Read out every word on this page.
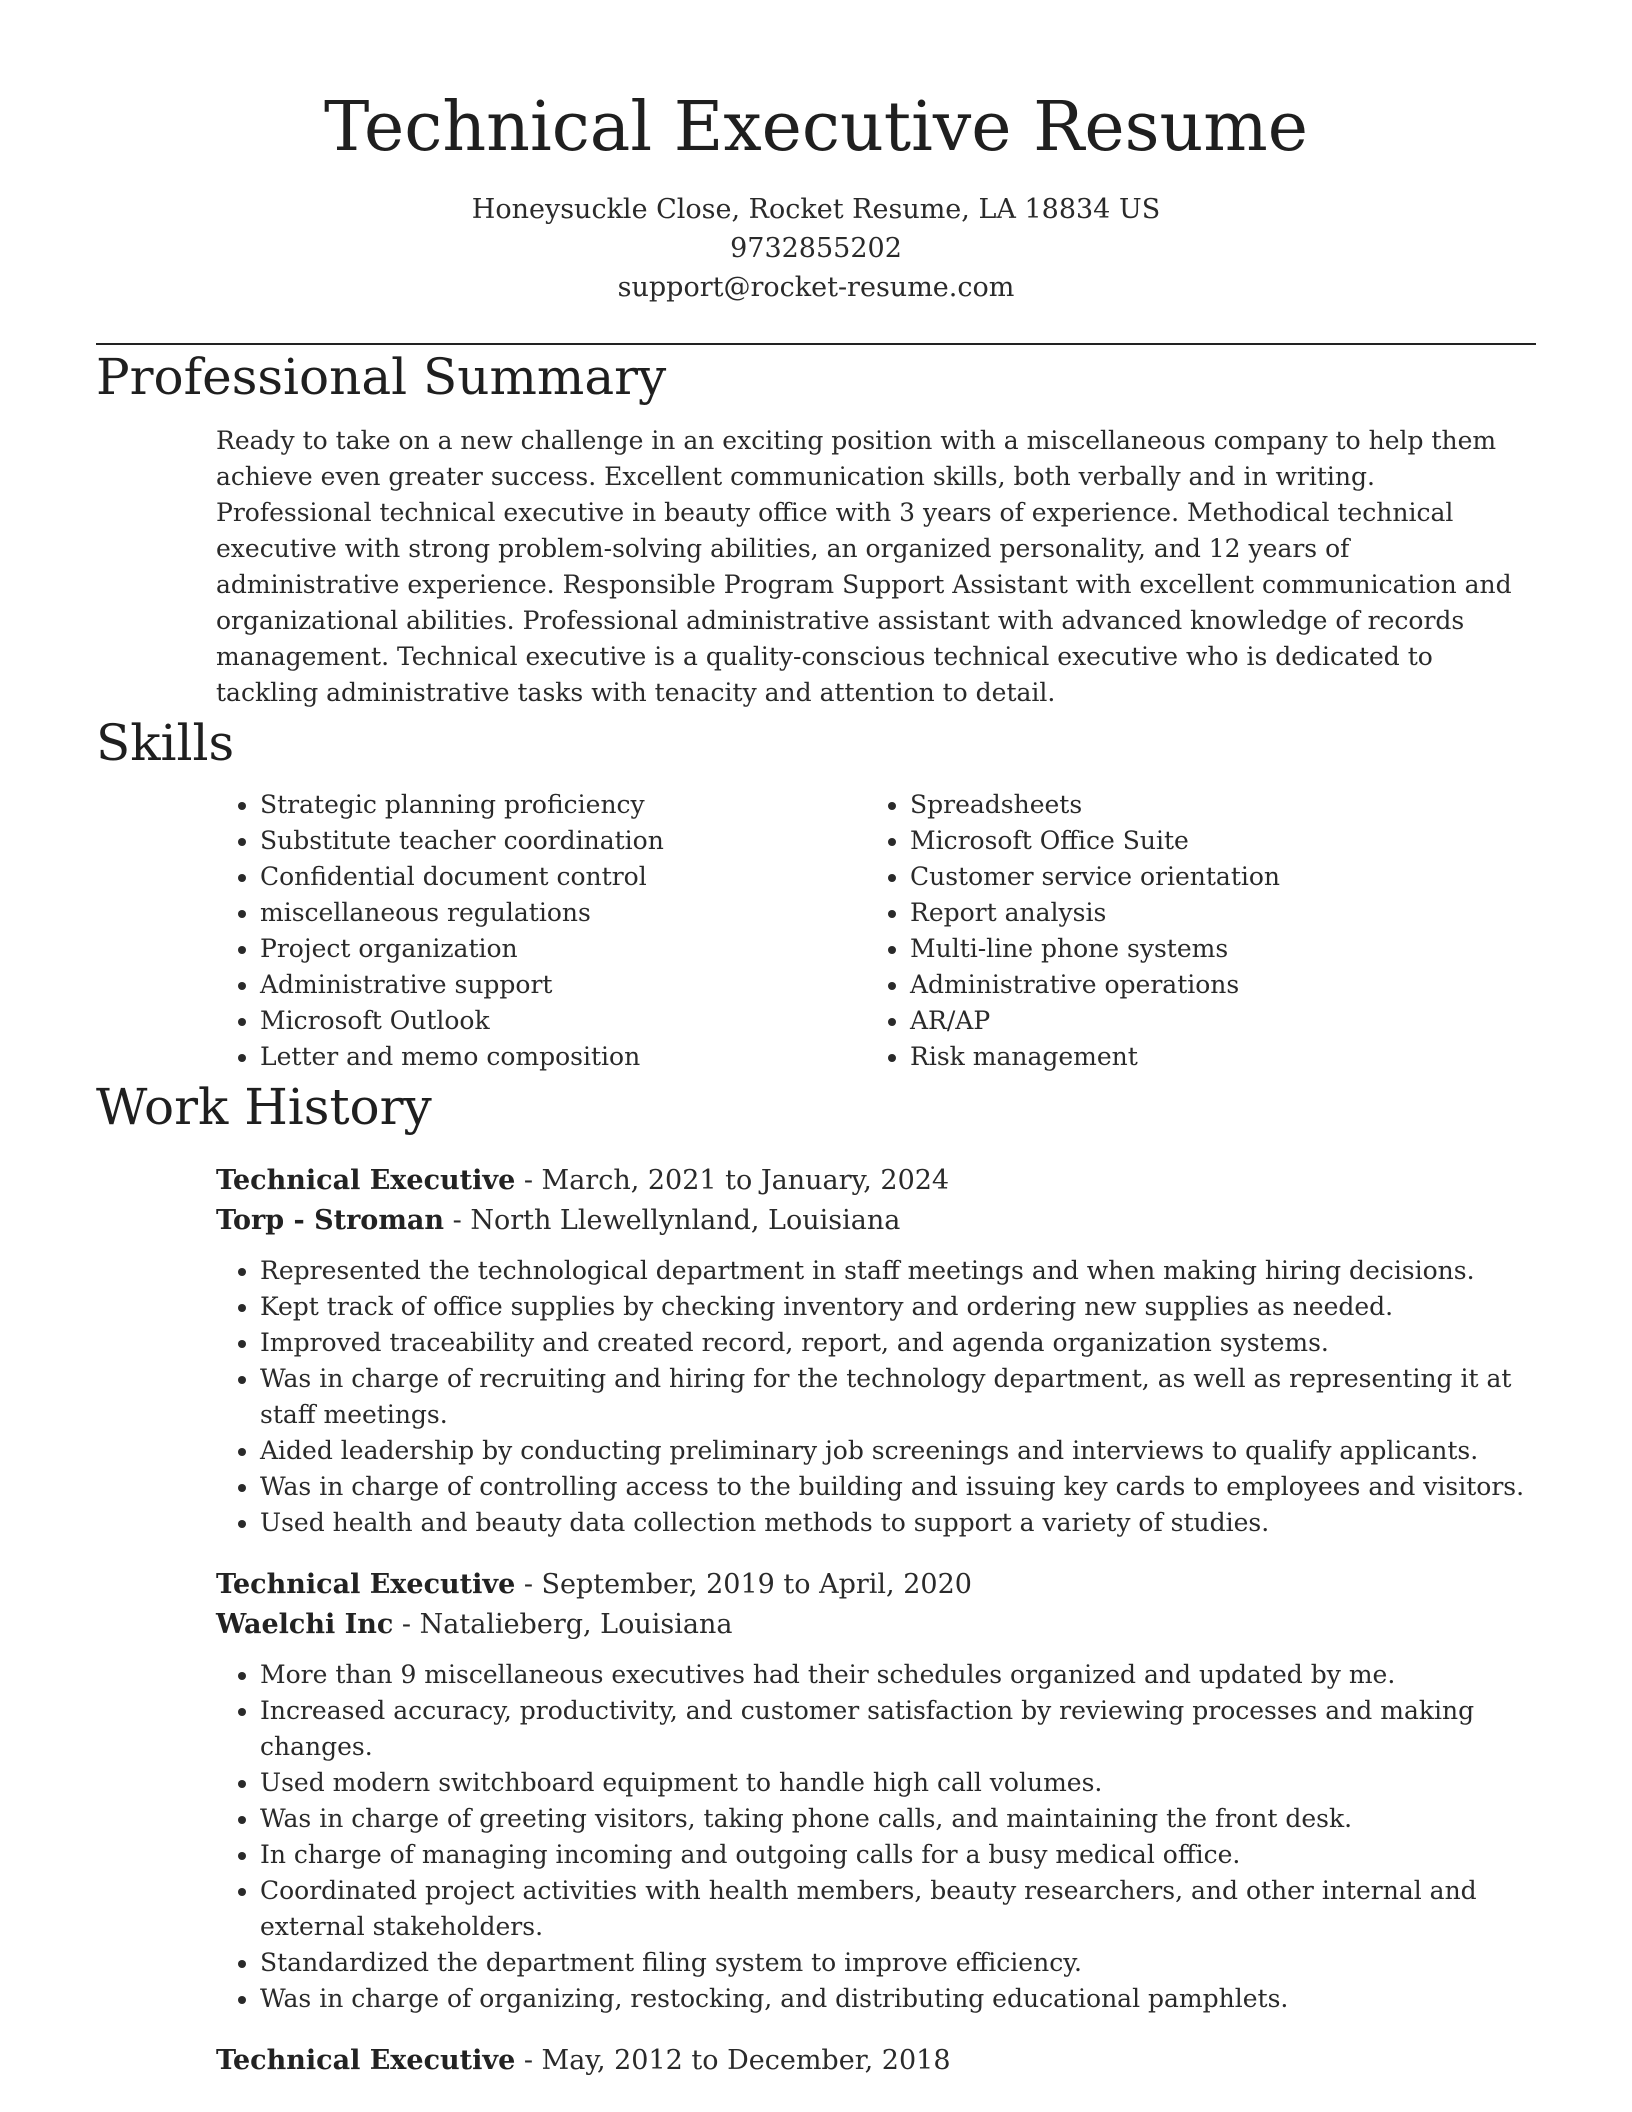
Technical Executive Resume
Honeysuckle Close, Rocket Resume, LA 18834 US
9732855202
support@rocket-resume.com
Professional Summary
Ready to take on a new challenge in an exciting position with a miscellaneous company to help them achieve even greater success. Excellent communication skills, both verbally and in writing. Professional technical executive in beauty office with 3 years of experience. Methodical technical executive with strong problem-solving abilities, an organized personality, and 12 years of administrative experience. Responsible Program Support Assistant with excellent communication and organizational abilities. Professional administrative assistant with advanced knowledge of records management. Technical executive is a quality-conscious technical executive who is dedicated to tackling administrative tasks with tenacity and attention to detail.
Skills
• Strategic planning proficiency
• Substitute teacher coordination
• Confidential document control
• miscellaneous regulations
• Project organization
• Administrative support
• Microsoft Outlook
• Letter and memo composition
• Spreadsheets
• Microsoft Office Suite
• Customer service orientation
• Report analysis
• Multi-line phone systems
• Administrative operations
• AR/AP
• Risk management
Work History
Technical Executive - March, 2021 to January, 2024
Torp - Stroman - North Llewellynland, Louisiana
• Represented the technological department in staff meetings and when making hiring decisions.
• Kept track of office supplies by checking inventory and ordering new supplies as needed.
• Improved traceability and created record, report, and agenda organization systems.
• Was in charge of recruiting and hiring for the technology department, as well as representing it at staff meetings.
• Aided leadership by conducting preliminary job screenings and interviews to qualify applicants.
• Was in charge of controlling access to the building and issuing key cards to employees and visitors.
• Used health and beauty data collection methods to support a variety of studies.
Technical Executive - September, 2019 to April, 2020
Waelchi Inc - Natalieberg, Louisiana
• More than 9 miscellaneous executives had their schedules organized and updated by me.
• Increased accuracy, productivity, and customer satisfaction by reviewing processes and making changes.
• Used modern switchboard equipment to handle high call volumes.
• Was in charge of greeting visitors, taking phone calls, and maintaining the front desk.
• In charge of managing incoming and outgoing calls for a busy medical office.
• Coordinated project activities with health members, beauty researchers, and other internal and external stakeholders.
• Standardized the department filing system to improve efficiency.
• Was in charge of organizing, restocking, and distributing educational pamphlets.
Technical Executive - May, 2012 to December, 2018
